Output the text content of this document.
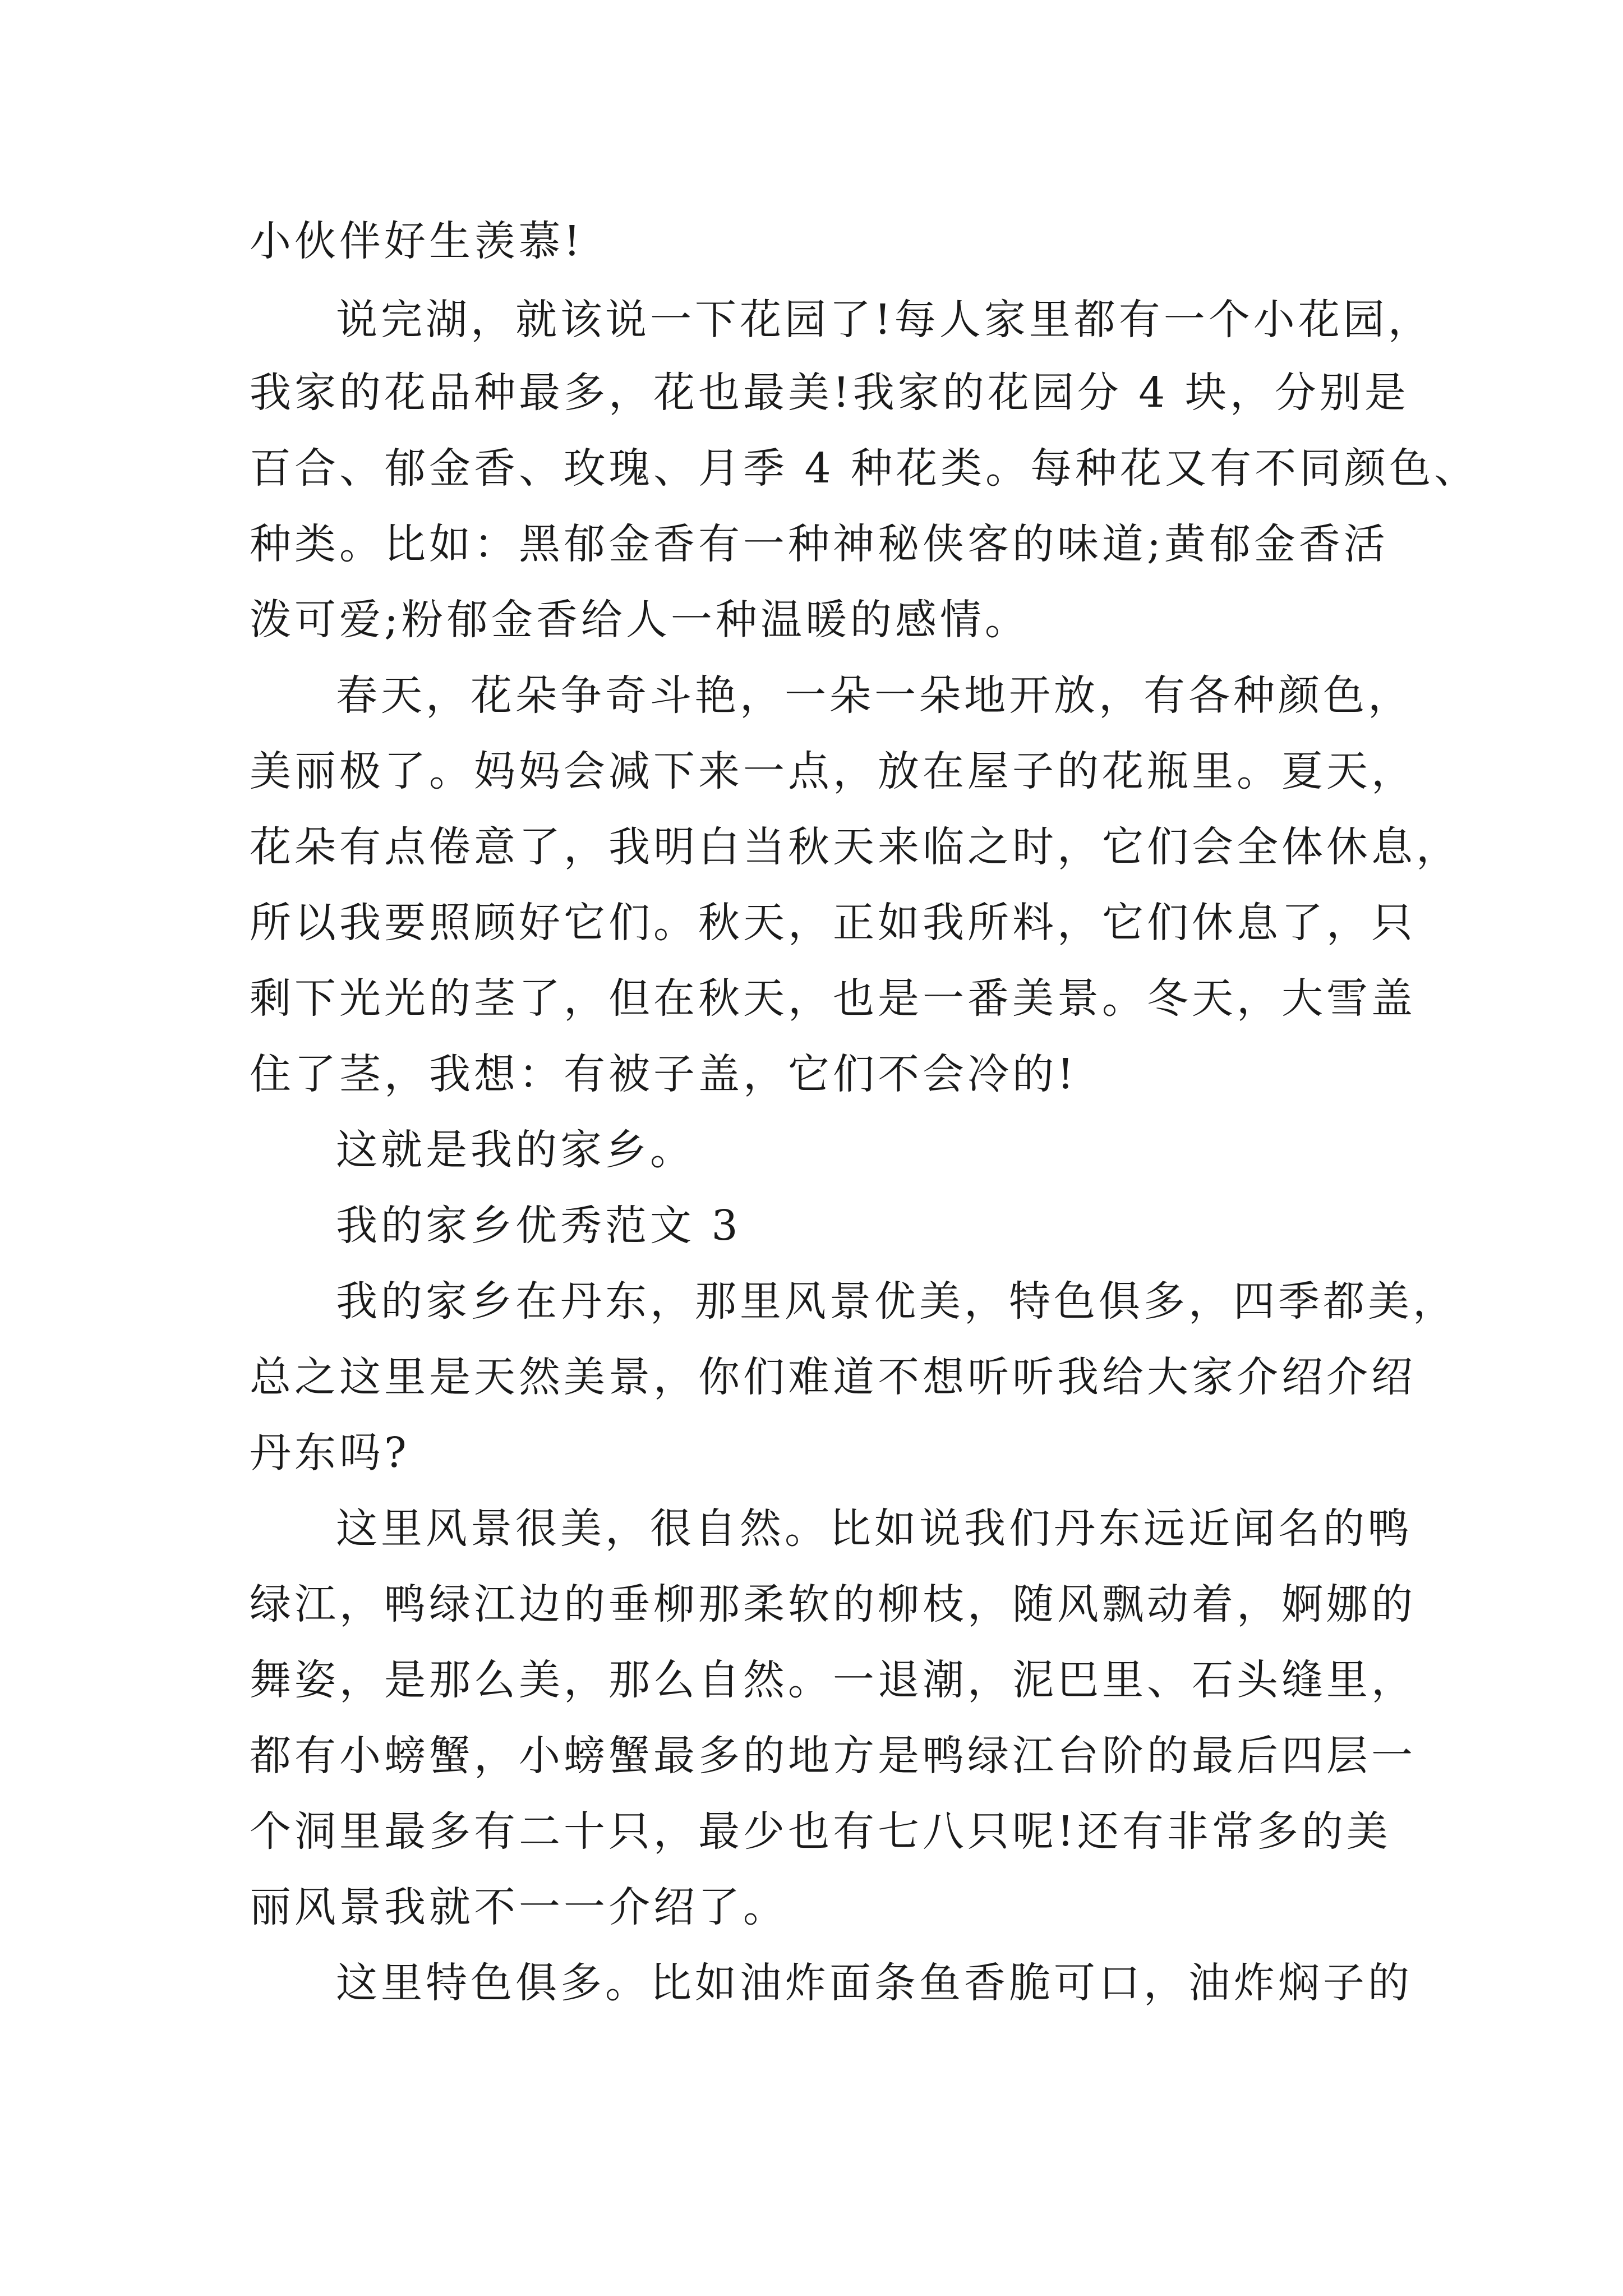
小伙伴好生羡慕!
说完湖，就该说一下花园了!每人家里都有一个小花园，
我家的花品种最多，花也最美!我家的花园分 4 块，分别是
百合、郁金香、玫瑰、月季 4 种花类。每种花又有不同颜色、
种类。比如：黑郁金香有一种神秘侠客的味道;黄郁金香活
泼可爱;粉郁金香给人一种温暖的感情。
春天，花朵争奇斗艳，一朵一朵地开放，有各种颜色，
美丽极了。妈妈会减下来一点，放在屋子的花瓶里。夏天，
花朵有点倦意了，我明白当秋天来临之时，它们会全体休息，
所以我要照顾好它们。秋天，正如我所料，它们休息了，只
剩下光光的茎了，但在秋天，也是一番美景。冬天，大雪盖
住了茎，我想：有被子盖，它们不会冷的!
这就是我的家乡。
我的家乡优秀范文 3
我的家乡在丹东，那里风景优美，特色俱多，四季都美，
总之这里是天然美景，你们难道不想听听我给大家介绍介绍
丹东吗?
这里风景很美，很自然。比如说我们丹东远近闻名的鸭
绿江，鸭绿江边的垂柳那柔软的柳枝，随风飘动着，婀娜的
舞姿，是那么美，那么自然。一退潮，泥巴里、石头缝里，
都有小螃蟹，小螃蟹最多的地方是鸭绿江台阶的最后四层一
个洞里最多有二十只，最少也有七八只呢!还有非常多的美
丽风景我就不一一介绍了。
这里特色俱多。比如油炸面条鱼香脆可口，油炸焖子的
